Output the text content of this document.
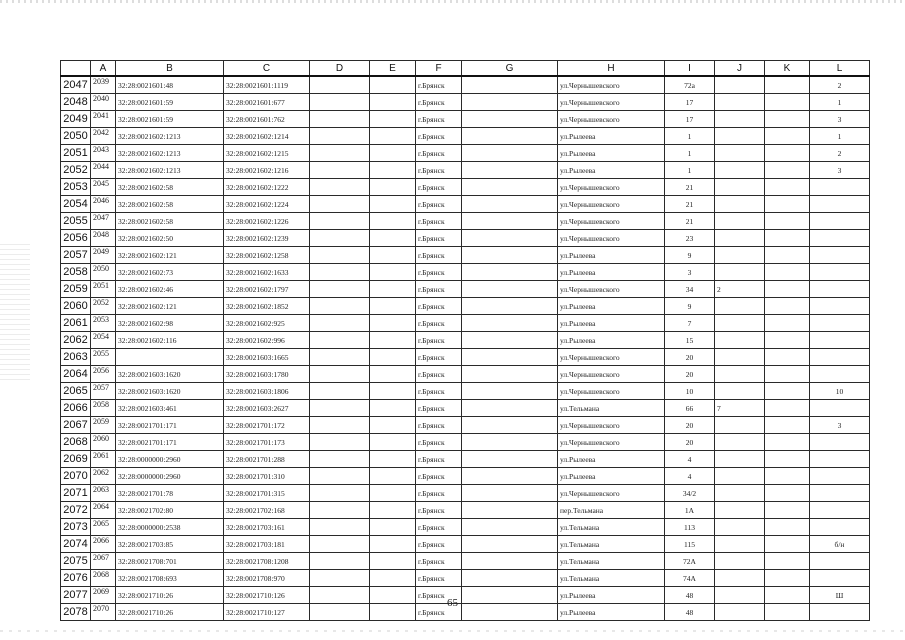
	A	B	C	D	E	F	G	H	I	J	K	L
2047	2039	32:28:0021601:48	32:28:0021601:1119			г.Брянск		ул.Чернышевского	72а			2
2048	2040	32:28:0021601:59	32:28:0021601:677			г.Брянск		ул.Чернышевского	17			1
2049	2041	32:28:0021601:59	32:28:0021601:762			г.Брянск		ул.Чернышевского	17			3
2050	2042	32:28:0021602:1213	32:28:0021602:1214			г.Брянск		ул.Рылеева	1			1
2051	2043	32:28:0021602:1213	32:28:0021602:1215			г.Брянск		ул.Рылеева	1			2
2052	2044	32:28:0021602:1213	32:28:0021602:1216			г.Брянск		ул.Рылеева	1			3
2053	2045	32:28:0021602:58	32:28:0021602:1222			г.Брянск		ул.Чернышевского	21			
2054	2046	32:28:0021602:58	32:28:0021602:1224			г.Брянск		ул.Чернышевского	21			
2055	2047	32:28:0021602:58	32:28:0021602:1226			г.Брянск		ул.Чернышевского	21			
2056	2048	32:28:0021602:50	32:28:0021602:1239			г.Брянск		ул.Чернышевского	23			
2057	2049	32:28:0021602:121	32:28:0021602:1258			г.Брянск		ул.Рылеева	9			
2058	2050	32:28:0021602:73	32:28:0021602:1633			г.Брянск		ул.Рылеева	3			
2059	2051	32:28:0021602:46	32:28:0021602:1797			г.Брянск		ул.Чернышевского	34	2		
2060	2052	32:28:0021602:121	32:28:0021602:1852			г.Брянск		ул.Рылеева	9			
2061	2053	32:28:0021602:98	32:28:0021602:925			г.Брянск		ул.Рылеева	7			
2062	2054	32:28:0021602:116	32:28:0021602:996			г.Брянск		ул.Рылеева	15			
2063	2055		32:28:0021603:1665			г.Брянск		ул.Чернышевского	20			
2064	2056	32:28:0021603:1620	32:28:0021603:1780			г.Брянск		ул.Чернышевского	20			
2065	2057	32:28:0021603:1620	32:28:0021603:1806			г.Брянск		ул.Чернышевского	10			10
2066	2058	32:28:0021603:461	32:28:0021603:2627			г.Брянск		ул.Тельмана	66	7		
2067	2059	32:28:0021701:171	32:28:0021701:172			г.Брянск		ул.Чернышевского	20			3
2068	2060	32:28:0021701:171	32:28:0021701:173			г.Брянск		ул.Чернышевского	20			
2069	2061	32:28:0000000:2960	32:28:0021701:288			г.Брянск		ул.Рылеева	4			
2070	2062	32:28:0000000:2960	32:28:0021701:310			г.Брянск		ул.Рылеева	4			
2071	2063	32:28:0021701:78	32:28:0021701:315			г.Брянск		ул.Чернышевского	34/2			
2072	2064	32:28:0021702:80	32:28:0021702:168			г.Брянск		пер.Тельмана	1А			
2073	2065	32:28:0000000:2538	32:28:0021703:161			г.Брянск		ул.Тельмана	113			
2074	2066	32:28:0021703:85	32:28:0021703:181			г.Брянск		ул.Тельмана	115			б/н
2075	2067	32:28:0021708:701	32:28:0021708:1208			г.Брянск		ул.Тельмана	72А			
2076	2068	32:28:0021708:693	32:28:0021708:970			г.Брянск		ул.Тельмана	74А			
2077	2069	32:28:0021710:26	32:28:0021710:126			г.Брянск		ул.Рылеева	48			Ш
2078	2070	32:28:0021710:26	32:28:0021710:127			г.Брянск		ул.Рылеева	48			
65
